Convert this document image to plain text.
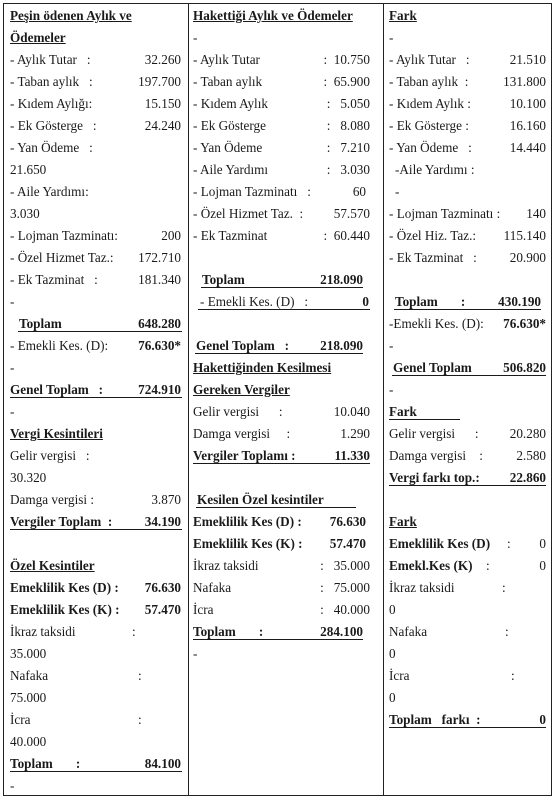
Peşin ödenen Aylık ve
Ödemeler
- Aylık Tutar   :	32.260
- Taban aylık   :	197.700
- Kıdem Aylığı:	15.150
- Ek Gösterge   :	24.240
- Yan Ödeme   :
21.650
- Aile Yardımı:
3.030
- Lojman Tazminatı:	200
- Özel Hizmet Taz.: 172.710
- Ek Tazminat   :	181.340
-
Toplam	648.280
- Emekli Kes. (D): 76.630*
-
Genel Toplam   :	724.910
-
Vergi Kesintileri
Gelir vergisi   :
30.320
Damga vergisi :	3.870
Vergiler Toplam  : 34.190
Özel Kesintiler
Emeklilik Kes (D) : 76.630
Emeklilik Kes (K) : 57.470
İkraz taksidi	:
35.000
Nafaka	:
75.000
İcra	:
40.000
Toplam       :	84.100
-
Hakettiği Aylık ve Ödemeler
-
- Aylık Tutar	:  10.750
- Taban aylık	:  65.900
- Kıdem Aylık	:   5.050
- Ek Gösterge	:   8.080
- Yan Ödeme	:   7.210
- Aile Yardımı	:   3.030
- Lojman Tazminatı   :	60
- Özel Hizmet Taz.  : 57.570
- Ek Tazminat	:  60.440
Toplam	218.090
- Emekli Kes. (D)   :	0
Genel Toplam   : 218.090
Hakettiğinden Kesilmesi
Gereken Vergiler
Gelir vergisi      :	10.040
Damga vergisi     :	1.290
Vergiler Toplamı :	11.330
Kesilen Özel kesintiler
Emeklilik Kes (D) : 76.630
Emeklilik Kes (K) : 57.470
İkraz taksidi	:   35.000
Nafaka	:   75.000
İcra	:   40.000
Toplam       :	284.100
-
Fark
-
- Aylık Tutar   :	21.510
- Taban aylık  :	131.800
- Kıdem Aylık :	10.100
- Ek Gösterge :	16.160
- Yan Ödeme   :	14.440
-Aile Yardımı :
-
- Lojman Tazminatı : 140
- Özel Hiz. Taz.: 115.140
- Ek Tazminat   : 20.900
Toplam       : 430.190
-Emekli Kes. (D): 76.630*
-
Genel Toplam 506.820
-
Fark
Gelir vergisi      : 20.280
Damga vergisi    :	2.580
Vergi farkı top.: 22.860
Fark
Emeklilik Kes (D) : 0
Emekl.Kes (K) :	0
İkraz taksidi	:
0
Nafaka	:
0
İcra	:
0
Toplam   farkı  :	0
